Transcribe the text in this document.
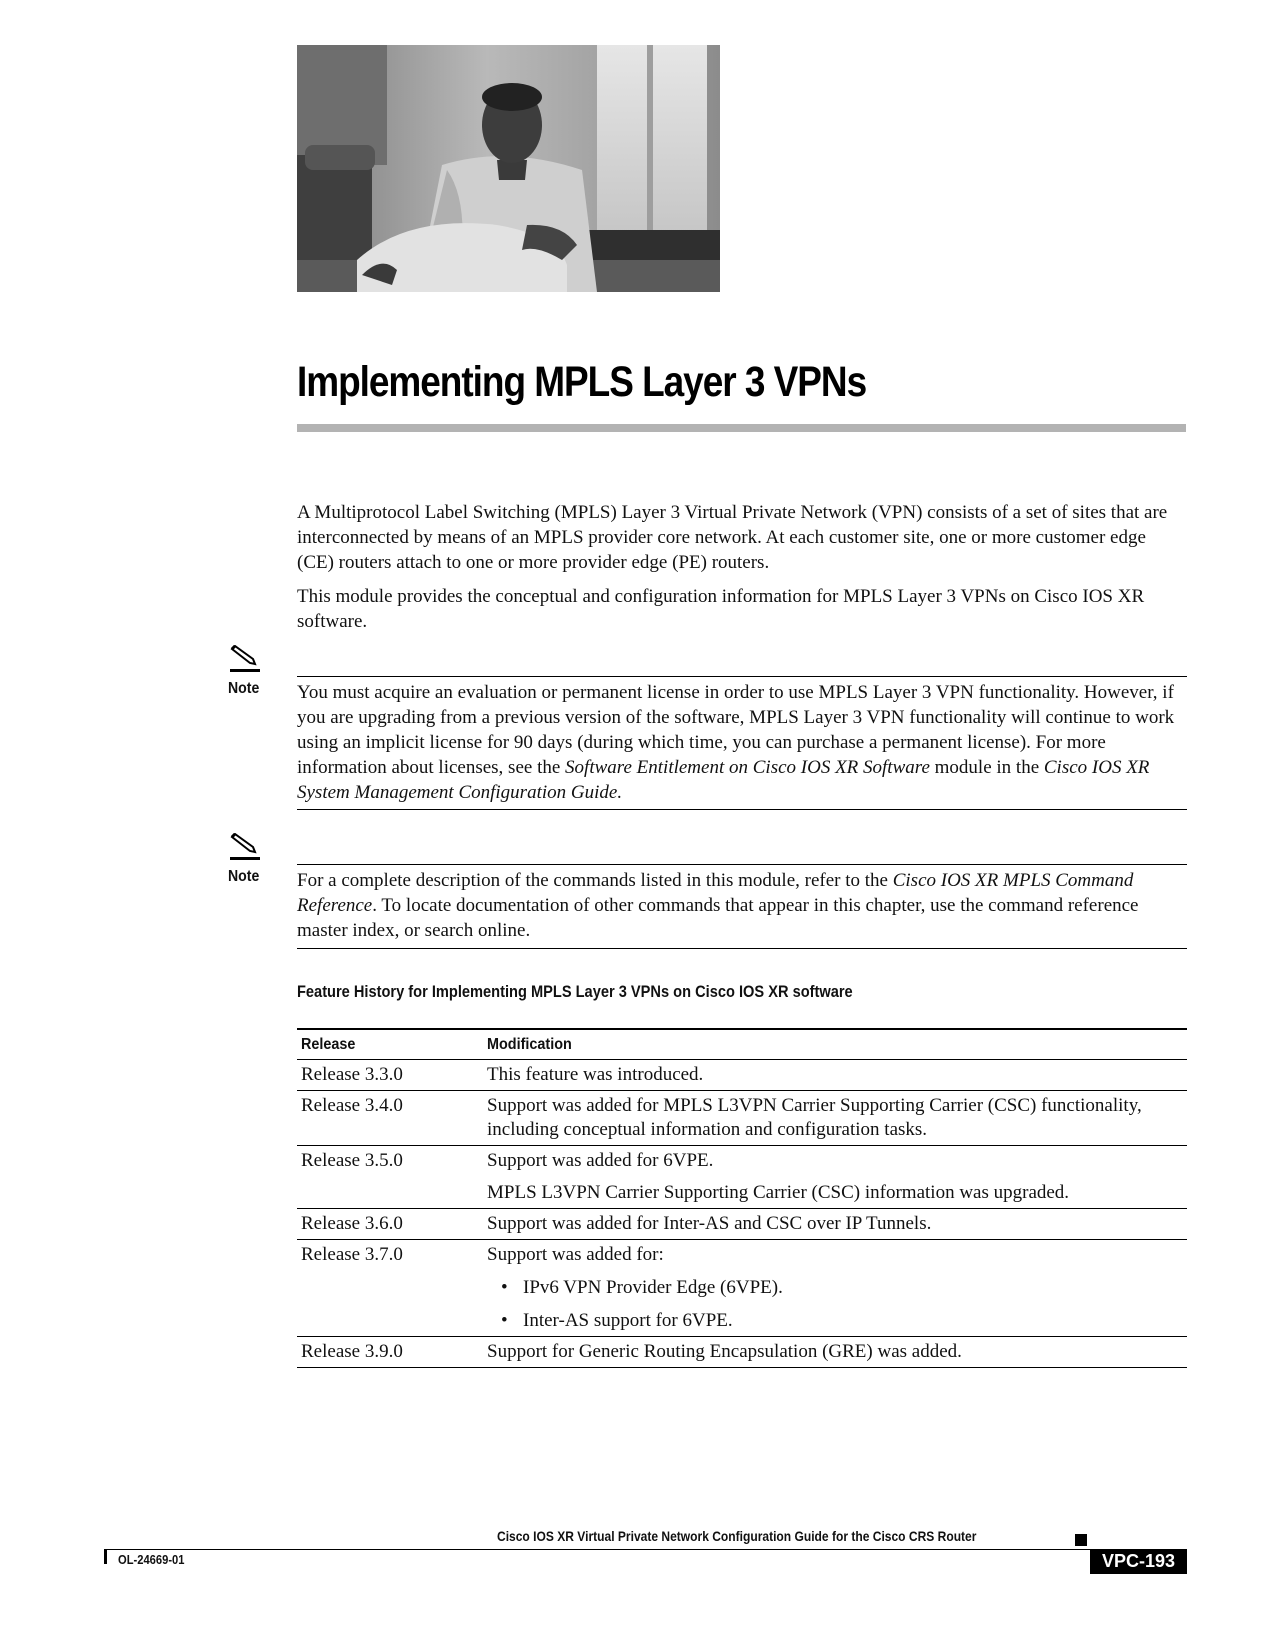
Implementing MPLS Layer 3 VPNs

A Multiprotocol Label Switching (MPLS) Layer 3 Virtual Private Network (VPN) consists of a set of sites that are interconnected by means of an MPLS provider core network. At each customer site, one or more customer edge (CE) routers attach to one or more provider edge (PE) routers.

This module provides the conceptual and configuration information for MPLS Layer 3 VPNs on Cisco IOS XR software.

Note You must acquire an evaluation or permanent license in order to use MPLS Layer 3 VPN functionality. However, if you are upgrading from a previous version of the software, MPLS Layer 3 VPN functionality will continue to work using an implicit license for 90 days (during which time, you can purchase a permanent license). For more information about licenses, see the Software Entitlement on Cisco IOS XR Software module in the Cisco IOS XR System Management Configuration Guide.

Note For a complete description of the commands listed in this module, refer to the Cisco IOS XR MPLS Command Reference. To locate documentation of other commands that appear in this chapter, use the command reference master index, or search online.

Feature History for Implementing MPLS Layer 3 VPNs on Cisco IOS XR software
Release	Modification
Release 3.3.0	This feature was introduced.
Release 3.4.0	Support was added for MPLS L3VPN Carrier Supporting Carrier (CSC) functionality, including conceptual information and configuration tasks.
Release 3.5.0	Support was added for 6VPE.
MPLS L3VPN Carrier Supporting Carrier (CSC) information was upgraded.

Release 3.6.0	Support was added for Inter-AS and CSC over IP Tunnels.
Release 3.7.0	Support was added for:
• IPv6 VPN Provider Edge (6VPE).
• Inter-AS support for 6VPE.

Release 3.9.0	Support for Generic Routing Encapsulation (GRE) was added.
Cisco IOS XR Virtual Private Network Configuration Guide for the Cisco CRS Router
OL-24669-01	VPC-193
